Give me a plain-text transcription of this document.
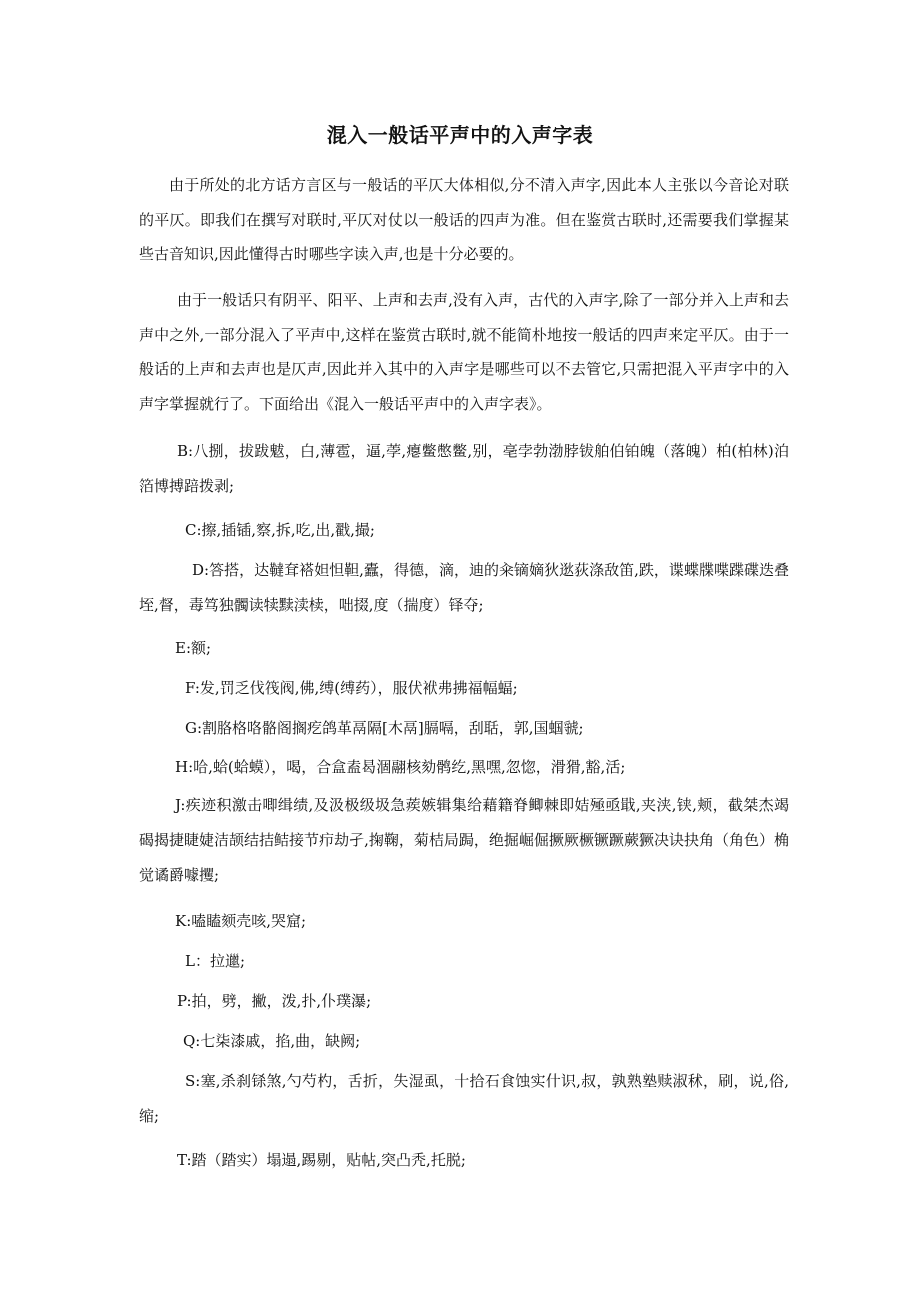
混入一般话平声中的入声字表
由于所处的北方话方言区与一般话的平仄大体相似,分不清入声字,因此本人主张以今音论对联的平仄。即我们在撰写对联时,平仄对仗以一般话的四声为准。但在鉴赏古联时,还需要我们掌握某些古音知识,因此懂得古时哪些字读入声,也是十分必要的。
由于一般话只有阴平、阳平、上声和去声,没有入声，古代的入声字,除了一部分并入上声和去声中之外,一部分混入了平声中,这样在鉴赏古联时,就不能简朴地按一般话的四声来定平仄。由于一般话的上声和去声也是仄声,因此并入其中的入声字是哪些可以不去管它,只需把混入平声字中的入声字掌握就行了。下面给出《混入一般话平声中的入声字表》。
B:八捌，拔跋魃，白,薄雹，逼,荸,瘪鳖憋鳖,别，亳孛勃渤脖钹舶伯铂魄（落魄）柏(柏林)泊箔博搏踣拨剥;
C:擦,插锸,察,拆,吃,出,戳,撮;
D:答搭，达韃耷褡妲怛靼,蠹，得德，滴，迪的籴镝嫡狄逖荻涤敌笛,跌，谍蝶牒喋蹀碟迭叠垤,督，毒笃独髑读犊黩渎椟，咄掇,度（揣度）铎夺;
E:额;
F:发,罚乏伐筏阀,佛,缚(缚药），服伏袱弗拂福幅蝠;
G:割胳格咯骼阁搁疙鸽革鬲隔[木鬲]膈嗝，刮聒，郭,国蝈虢;
H:哈,蛤(蛤蟆），喝，合盒盍曷涸翮核劾鹘纥,黑嘿,忽惚，滑猾,豁,活;
J:疾迹积激击唧缉绩,及汲极级圾急蒺嫉辑集给藉籍脊鲫棘即姞殛亟戢,夹浃,铗,颊，截桀杰竭碣揭捷睫婕洁颉结拮鲒接节疖劫孑,掬鞠，菊桔局跼，绝掘崛倔撅厥橛镢蹶蕨獗决诀抉角（角色）桷觉谲爵噱攫;
K:嗑瞌颏壳咳,哭窟;
L：拉邋;
P:拍，劈，撇，泼,扑,仆璞瀑;
Q:七柒漆戚，掐,曲，缺阙;
S:塞,杀刹铩煞,勺芍杓，舌折，失湿虱，十拾石食蚀实什识,叔，孰熟塾赎淑秫，刷，说,俗,缩;
T:踏（踏实）塌遢,踢剔，贴帖,突凸秃,托脱;
